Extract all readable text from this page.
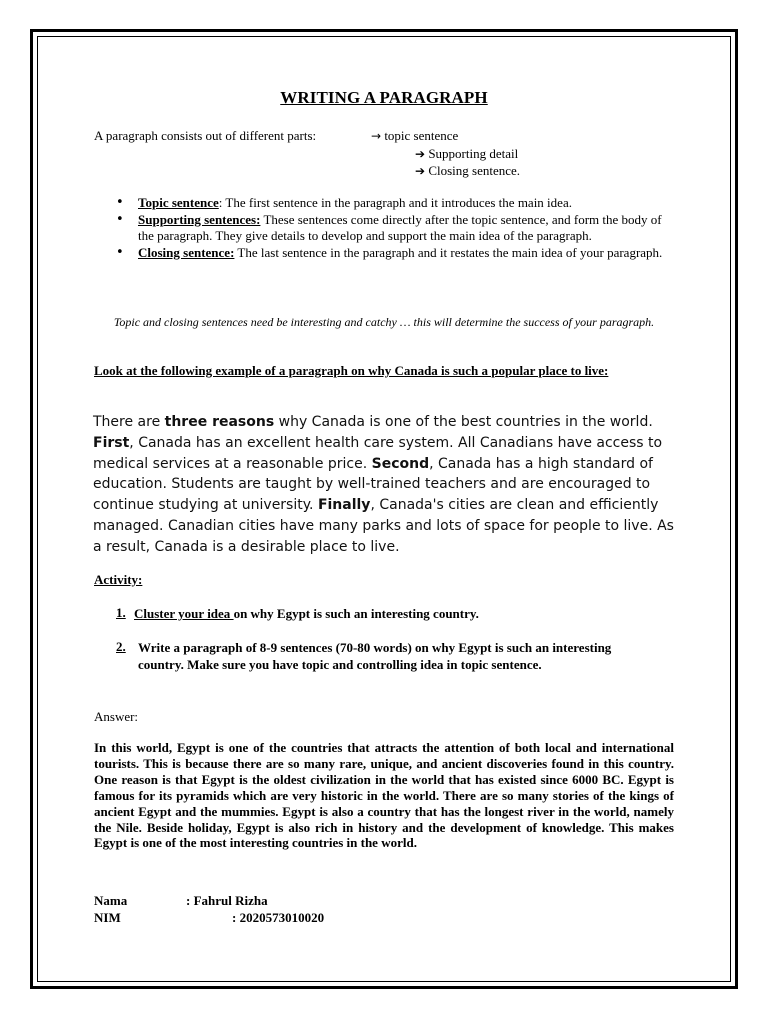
WRITING A PARAGRAPH
A paragraph consists out of different parts:	→ topic sentence
➔ Supporting detail
➔ Closing sentence.
• Topic sentence: The first sentence in the paragraph and it introduces the main idea.
• Supporting sentences: These sentences come directly after the topic sentence, and form the body of the paragraph. They give details to develop and support the main idea of the paragraph.
• Closing sentence: The last sentence in the paragraph and it restates the main idea of your paragraph.
Topic and closing sentences need be interesting and catchy … this will determine the success of your paragraph.
Look at the following example of a paragraph on why Canada is such a popular place to live:
There are three reasons why Canada is one of the best countries in the world. First, Canada has an excellent health care system. All Canadians have access to medical services at a reasonable price. Second, Canada has a high standard of education. Students are taught by well-trained teachers and are encouraged to continue studying at university. Finally, Canada's cities are clean and efficiently managed. Canadian cities have many parks and lots of space for people to live. As a result, Canada is a desirable place to live.
Activity:
1. Cluster your idea on why Egypt is such an interesting country.
2. Write a paragraph of 8-9 sentences (70-80 words) on why Egypt is such an interesting country. Make sure you have topic and controlling idea in topic sentence.
Answer:
In this world, Egypt is one of the countries that attracts the attention of both local and international tourists. This is because there are so many rare, unique, and ancient discoveries found in this country. One reason is that Egypt is the oldest civilization in the world that has existed since 6000 BC. Egypt is famous for its pyramids which are very historic in the world. There are so many stories of the kings of ancient Egypt and the mummies. Egypt is also a country that has the longest river in the world, namely the Nile. Beside holiday, Egypt is also rich in history and the development of knowledge. This makes Egypt is one of the most interesting countries in the world.
Nama	: Fahrul Rizha
NIM	: 2020573010020
